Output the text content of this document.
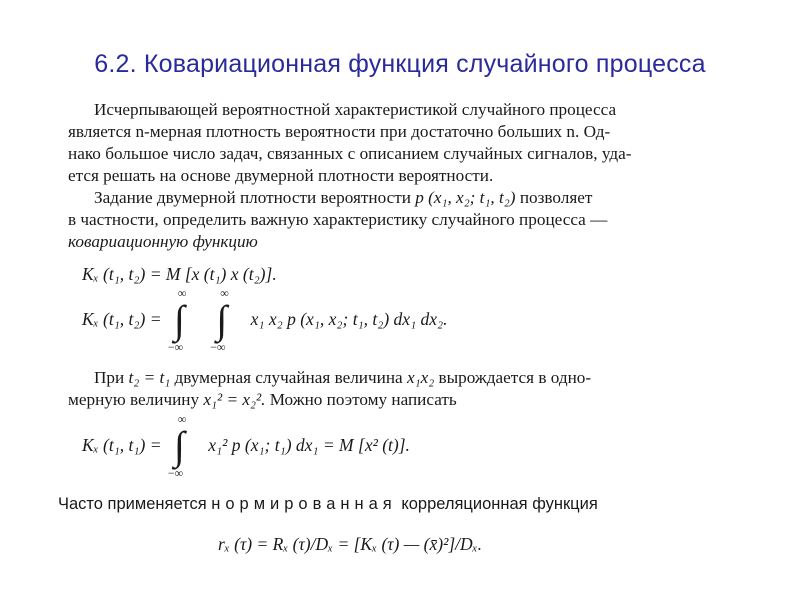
6.2. Ковариационная функция случайного процесса
Исчерпывающей вероятностной характеристикой случайного процесса
является n-мерная плотность вероятности при достаточно больших n. Од-
нако большое число задач, связанных с описанием случайных сигналов, уда-
ется решать на основе двумерной плотности вероятности.
Задание двумерной плотности вероятности p (x₁, x₂; t₁, t₂) позволяет
в частности, определить важную характеристику случайного процесса —
ковариационную функцию
Kₓ (t₁, t₂) = M [x (t₁) x (t₂)].
Kₓ (t₁, t₂) =
∞
∫
−∞

∞
∫
−∞
x₁ x₂ p (x₁, x₂; t₁, t₂) dx₁ dx₂.
При t₂ = t₁ двумерная случайная величина x₁x₂ вырождается в одно-
мерную величину x₁² = x₂². Можно поэтому написать
Kₓ (t₁, t₁) =
∞
∫
−∞
x₁² p (x₁; t₁) dx₁ = M [x² (t)].
Часто применяется нормированная корреляционная функция
rₓ (τ) = Rₓ (τ)/Dₓ = [Kₓ (τ) — (x̄)²]/Dₓ.
